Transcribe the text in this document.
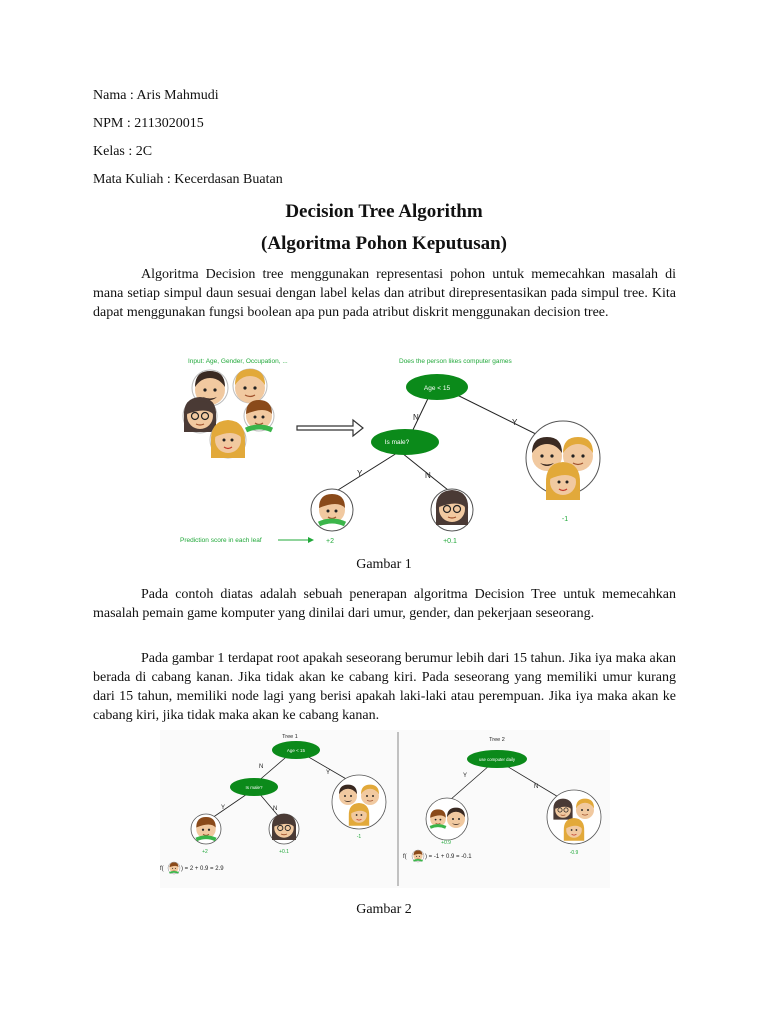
Nama : Aris Mahmudi
NPM : 2113020015
Kelas : 2C
Mata Kuliah : Kecerdasan Buatan
Decision Tree Algorithm
(Algoritma Pohon Keputusan)

Algoritma Decision tree menggunakan representasi pohon untuk memecahkan masalah di mana setiap simpul daun sesuai dengan label kelas dan atribut direpresentasikan pada simpul tree. Kita dapat menggunakan fungsi boolean apa pun pada atribut diskrit menggunakan decision tree.

Input: Age, Gender, Occupation, ...	Does the person likes computer games
N
Y
Y	N
Age < 15
Is male?
+2	+0.1
-1
Prediction score in each leaf
Gambar 1

Pada contoh diatas adalah sebuah penerapan algoritma Decision Tree untuk memecahkan masalah pemain game komputer yang dinilai dari umur, gender, dan pekerjaan seseorang.

Pada gambar 1 terdapat root apakah seseorang berumur lebih dari 15 tahun. Jika iya maka akan berada di cabang kanan. Jika tidak akan ke cabang kiri. Pada seseorang yang memiliki umur kurang dari 15 tahun, memiliki node lagi yang berisi apakah laki-laki atau perempuan. Jika iya maka akan ke cabang kiri, jika tidak maka akan ke cabang kanan.

Tree 1
Age < 15
Is male?
N
Y
Y	N
+2	+0.1
-1
f(	) = 2 + 0.9 = 2.9
Tree 2
use computer daily
Y
N
+0.9
-0.9
f(	) = -1 + 0.9 = -0.1
Gambar 2
